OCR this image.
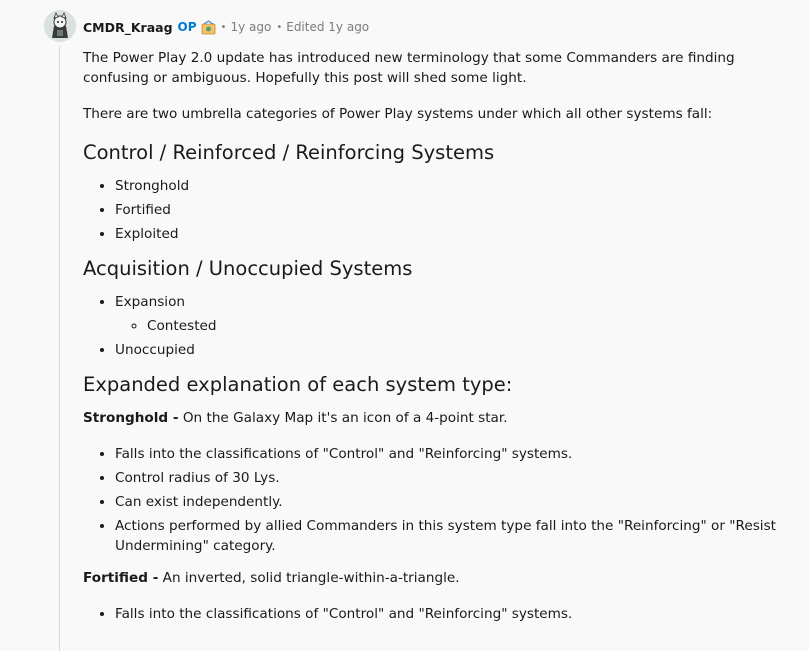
CMDR_Kraag OP • 1y ago • Edited 1y ago

The Power Play 2.0 update has introduced new terminology that some Commanders are finding confusing or ambiguous. Hopefully this post will shed some light.

There are two umbrella categories of Power Play systems under which all other systems fall:

Control / Reinforced / Reinforcing Systems
• Stronghold
• Fortified
• Exploited
Acquisition / Unoccupied Systems
• Expansion
◦ Contested
• Unoccupied
Expanded explanation of each system type:

Stronghold - On the Galaxy Map it's an icon of a 4-point star.

• Falls into the classifications of "Control" and "Reinforcing" systems.
• Control radius of 30 Lys.
• Can exist independently.
• Actions performed by allied Commanders in this system type fall into the "Reinforcing" or "Resist Undermining" category.

Fortified - An inverted, solid triangle-within-a-triangle.

• Falls into the classifications of "Control" and "Reinforcing" systems.
